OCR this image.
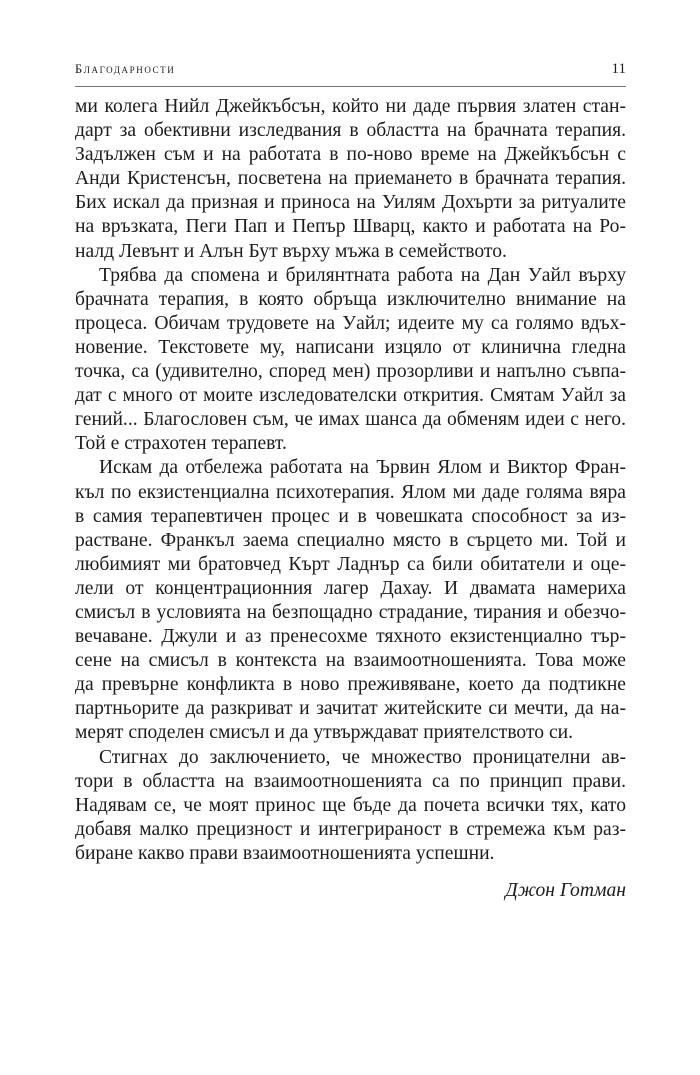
Благодарности	11
ми колега Нийл Джейкъбсън, който ни даде първия златен стан-
дарт за обективни изследвания в областта на брачната терапия.
Задължен съм и на работата в по-ново време на Джейкъбсън с
Анди Кристенсън, посветена на приемането в брачната терапия.
Бих искал да призная и приноса на Уилям Дохърти за ритуалите
на връзката, Пеги Пап и Пепър Шварц, както и работата на Ро-
налд Левънт и Алън Бут върху мъжа в семейството.
Трябва да спомена и брилянтната работа на Дан Уайл върху
брачната терапия, в която обръща изключително внимание на
процеса. Обичам трудовете на Уайл; идеите му са голямо вдъх-
новение. Текстовете му, написани изцяло от клинична гледна
точка, са (удивително, според мен) прозорливи и напълно съвпа-
дат с много от моите изследователски открития. Смятам Уайл за
гений... Благословен съм, че имах шанса да обменям идеи с него.
Той е страхотен терапевт.
Искам да отбележа работата на Ървин Ялом и Виктор Фран-
къл по екзистенциална психотерапия. Ялом ми даде голяма вяра
в самия терапевтичен процес и в човешката способност за из-
растване. Франкъл заема специално място в сърцето ми. Той и
любимият ми братовчед Кърт Ладнър са били обитатели и оце-
лели от концентрационния лагер Дахау. И двамата намериха
смисъл в условията на безпощадно страдание, тирания и обезчо-
вечаване. Джули и аз пренесохме тяхното екзистенциално тър-
сене на смисъл в контекста на взаимоотношенията. Това може
да превърне конфликта в ново преживяване, което да подтикне
партньорите да разкриват и зачитат житейските си мечти, да на-
мерят споделен смисъл и да утвърждават приятелството си.
Стигнах до заключението, че множество проницателни ав-
тори в областта на взаимоотношенията са по принцип прави.
Надявам се, че моят принос ще бъде да почета всички тях, като
добавя малко прецизност и интегрираност в стремежа към раз-
биране какво прави взаимоотношенията успешни.
Джон Готман
